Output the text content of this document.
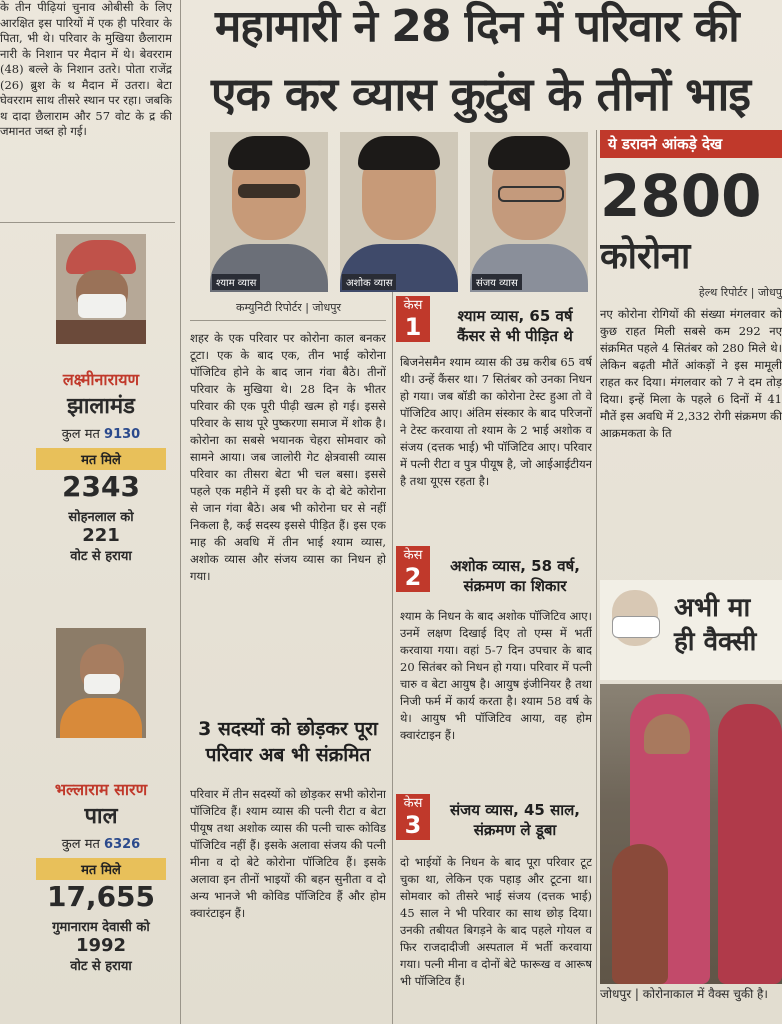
के तीन पीढ़ियां चुनाव ओबीसी के लिए आरक्षित इस पारियों में एक ही परिवार के पिता, भी थे। परिवार के मुखिया छैलाराम नारी के निशान पर मैदान में थे। बेवरराम (48) बल्ले के निशान उतरे। पोता राजेंद्र (26) ब्रुश के थ मैदान में उतरा। बेटा घेवरराम साथ तीसरे स्थान पर रहा। जबकि थ दादा छैलाराम और 57 वोट के द्र की जमानत जब्त हो गई।
लक्ष्मीनारायण
झालामंड
कुल मत 9130
मत मिले
2343
सोहनलाल को
221
वोट से हराया
भल्लाराम सारण
पाल
कुल मत 6326
मत मिले
17,655
गुमानाराम देवासी को
1992
वोट से हराया
महामारी ने 28 दिन में परिवार की
एक कर व्यास कुटुंब के तीनों भाइ
श्याम व्यास	अशोक व्यास	संजय व्यास
कम्युनिटी रिपोर्टर | जोधपुर
शहर के एक परिवार पर कोरोना काल बनकर टूटा। एक के बाद एक, तीन भाई कोरोना पॉजिटिव होने के बाद जान गंवा बैठे। तीनों परिवार के मुखिया थे। 28 दिन के भीतर परिवार की एक पूरी पीढ़ी खत्म हो गई। इससे परिवार के साथ पूरे पुष्करणा समाज में शोक है। कोरोना का सबसे भयानक चेहरा सोमवार को सामने आया। जब जालोरी गेट क्षेत्रवासी व्यास परिवार का तीसरा बेटा भी चल बसा। इससे पहले एक महीने में इसी घर के दो बेटे कोरोना से जान गंवा बैठे। अब भी कोरोना घर से नहीं निकला है, कई सदस्य इससे पीड़ित हैं। इस एक माह की अवधि में तीन भाई श्याम व्यास, अशोक व्यास और संजय व्यास का निधन हो गया।
3 सदस्यों को छोड़कर पूरा
परिवार अब भी संक्रमित
परिवार में तीन सदस्यों को छोड़कर सभी कोरोना पॉजिटिव हैं। श्याम व्यास की पत्नी रीटा व बेटा पीयूष तथा अशोक व्यास की पत्नी चारू कोविड पॉजिटिव नहीं हैं। इसके अलावा संजय की पत्नी मीना व दो बेटे कोरोना पॉजिटिव हैं। इसके अलावा इन तीनों भाइयों की बहन सुनीता व दो अन्य भानजे भी कोविड पॉजिटिव हैं और होम क्वारंटाइन हैं।
केस
1	श्याम व्यास, 65 वर्ष
कैंसर से भी पीड़ित थे
बिजनेसमैन श्याम व्यास की उम्र करीब 65 वर्ष थी। उन्हें कैंसर था। 7 सितंबर को उनका निधन हो गया। जब बॉडी का कोरोना टेस्ट हुआ तो वे पॉजिटिव आए। अंतिम संस्कार के बाद परिजनों ने टेस्ट करवाया तो श्याम के 2 भाई अशोक व संजय (दत्तक भाई) भी पॉजिटिव आए। परिवार में पत्नी रीटा व पुत्र पीयूष है, जो आईआईटीयन है तथा यूएस रहता है।
केस
2	अशोक व्यास, 58 वर्ष,
संक्रमण का शिकार
श्याम के निधन के बाद अशोक पॉजिटिव आए। उनमें लक्षण दिखाई दिए तो एम्स में भर्ती करवाया गया। वहां 5-7 दिन उपचार के बाद 20 सितंबर को निधन हो गया। परिवार में पत्नी चारु व बेटा आयुष है। आयुष इंजीनियर है तथा निजी फर्म में कार्य करता है। श्याम 58 वर्ष के थे। आयुष भी पॉजिटिव आया, वह होम क्वारंटाइन हैं।
केस
3
संजय व्यास, 45 साल,
संक्रमण ले डूबा
दो भाईयों के निधन के बाद पूरा परिवार टूट चुका था, लेकिन एक पहाड़ और टूटना था। सोमवार को तीसरे भाई संजय (दत्तक भाई) 45 साल ने भी परिवार का साथ छोड़ दिया। उनकी तबीयत बिगड़ने के बाद पहले गोयल व फिर राजदादीजी अस्पताल में भर्ती करवाया गया। पत्नी मीना व दोनों बेटे फारूख व आरूष भी पॉजिटिव हैं।
ये डरावने आंकड़े देख
2800
कोरोना
हेल्थ रिपोर्टर | जोधपु
नए कोरोना रोगियों की संख्या मंगलवार को कुछ राहत मिली सबसे कम 292 नए संक्रमित पहले 4 सितंबर को 280 मिले थे। लेकिन बढ़ती मौतें आंकड़ों ने इस मामूली राहत कर दिया। मंगलवार को 7 ने दम तोड़ दिया। इन्हें मिला के पहले 6 दिनों में 41 मौतें इस अवधि में 2,332 रोगी संक्रमण की आक्रमकता के ति
अभी मा
ही वैक्सी
जोधपुर | कोरोनाकाल में वैक्स चुकी है।
